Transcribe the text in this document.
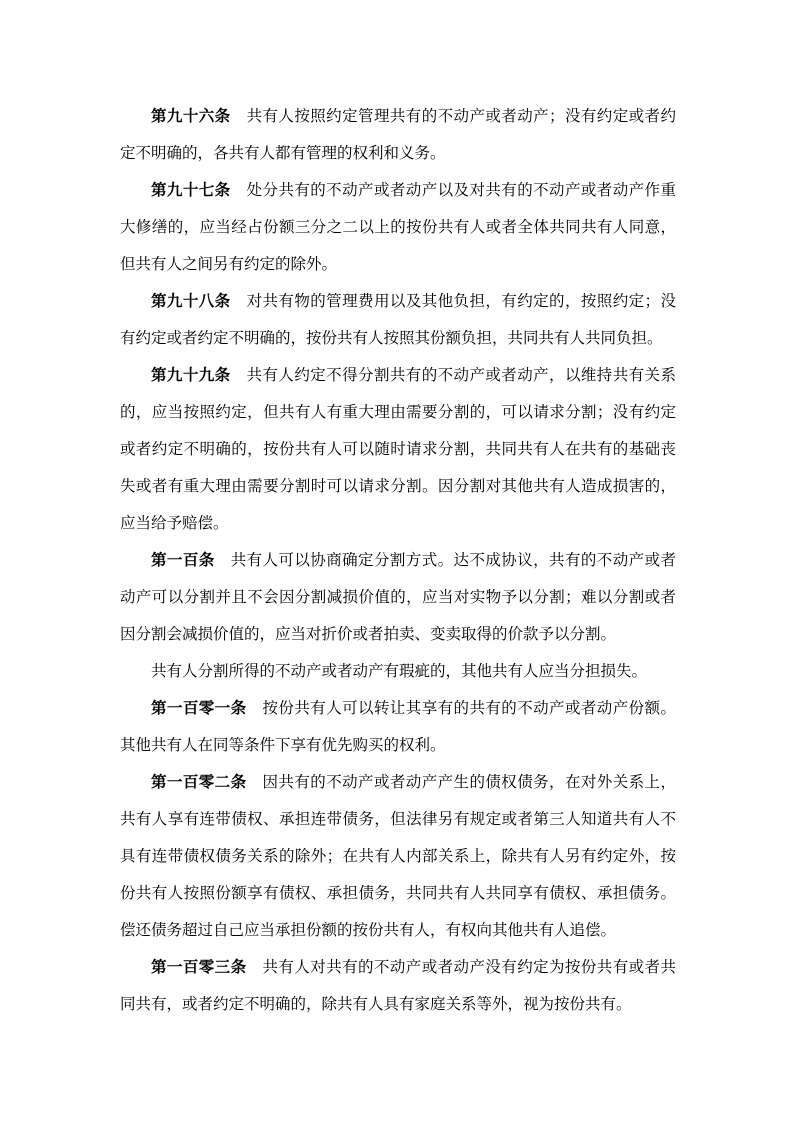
第九十六条 共有人按照约定管理共有的不动产或者动产；没有约定或者约定不明确的，各共有人都有管理的权利和义务。

第九十七条 处分共有的不动产或者动产以及对共有的不动产或者动产作重大修缮的，应当经占份额三分之二以上的按份共有人或者全体共同共有人同意，但共有人之间另有约定的除外。

第九十八条 对共有物的管理费用以及其他负担，有约定的，按照约定；没有约定或者约定不明确的，按份共有人按照其份额负担，共同共有人共同负担。

第九十九条 共有人约定不得分割共有的不动产或者动产，以维持共有关系的，应当按照约定，但共有人有重大理由需要分割的，可以请求分割；没有约定或者约定不明确的，按份共有人可以随时请求分割，共同共有人在共有的基础丧失或者有重大理由需要分割时可以请求分割。因分割对其他共有人造成损害的，应当给予赔偿。

第一百条 共有人可以协商确定分割方式。达不成协议，共有的不动产或者动产可以分割并且不会因分割减损价值的，应当对实物予以分割；难以分割或者因分割会减损价值的，应当对折价或者拍卖、变卖取得的价款予以分割。

共有人分割所得的不动产或者动产有瑕疵的，其他共有人应当分担损失。

第一百零一条 按份共有人可以转让其享有的共有的不动产或者动产份额。其他共有人在同等条件下享有优先购买的权利。

第一百零二条 因共有的不动产或者动产产生的债权债务，在对外关系上，共有人享有连带债权、承担连带债务，但法律另有规定或者第三人知道共有人不具有连带债权债务关系的除外；在共有人内部关系上，除共有人另有约定外，按份共有人按照份额享有债权、承担债务，共同共有人共同享有债权、承担债务。偿还债务超过自己应当承担份额的按份共有人，有权向其他共有人追偿。

第一百零三条 共有人对共有的不动产或者动产没有约定为按份共有或者共同共有，或者约定不明确的，除共有人具有家庭关系等外，视为按份共有。
